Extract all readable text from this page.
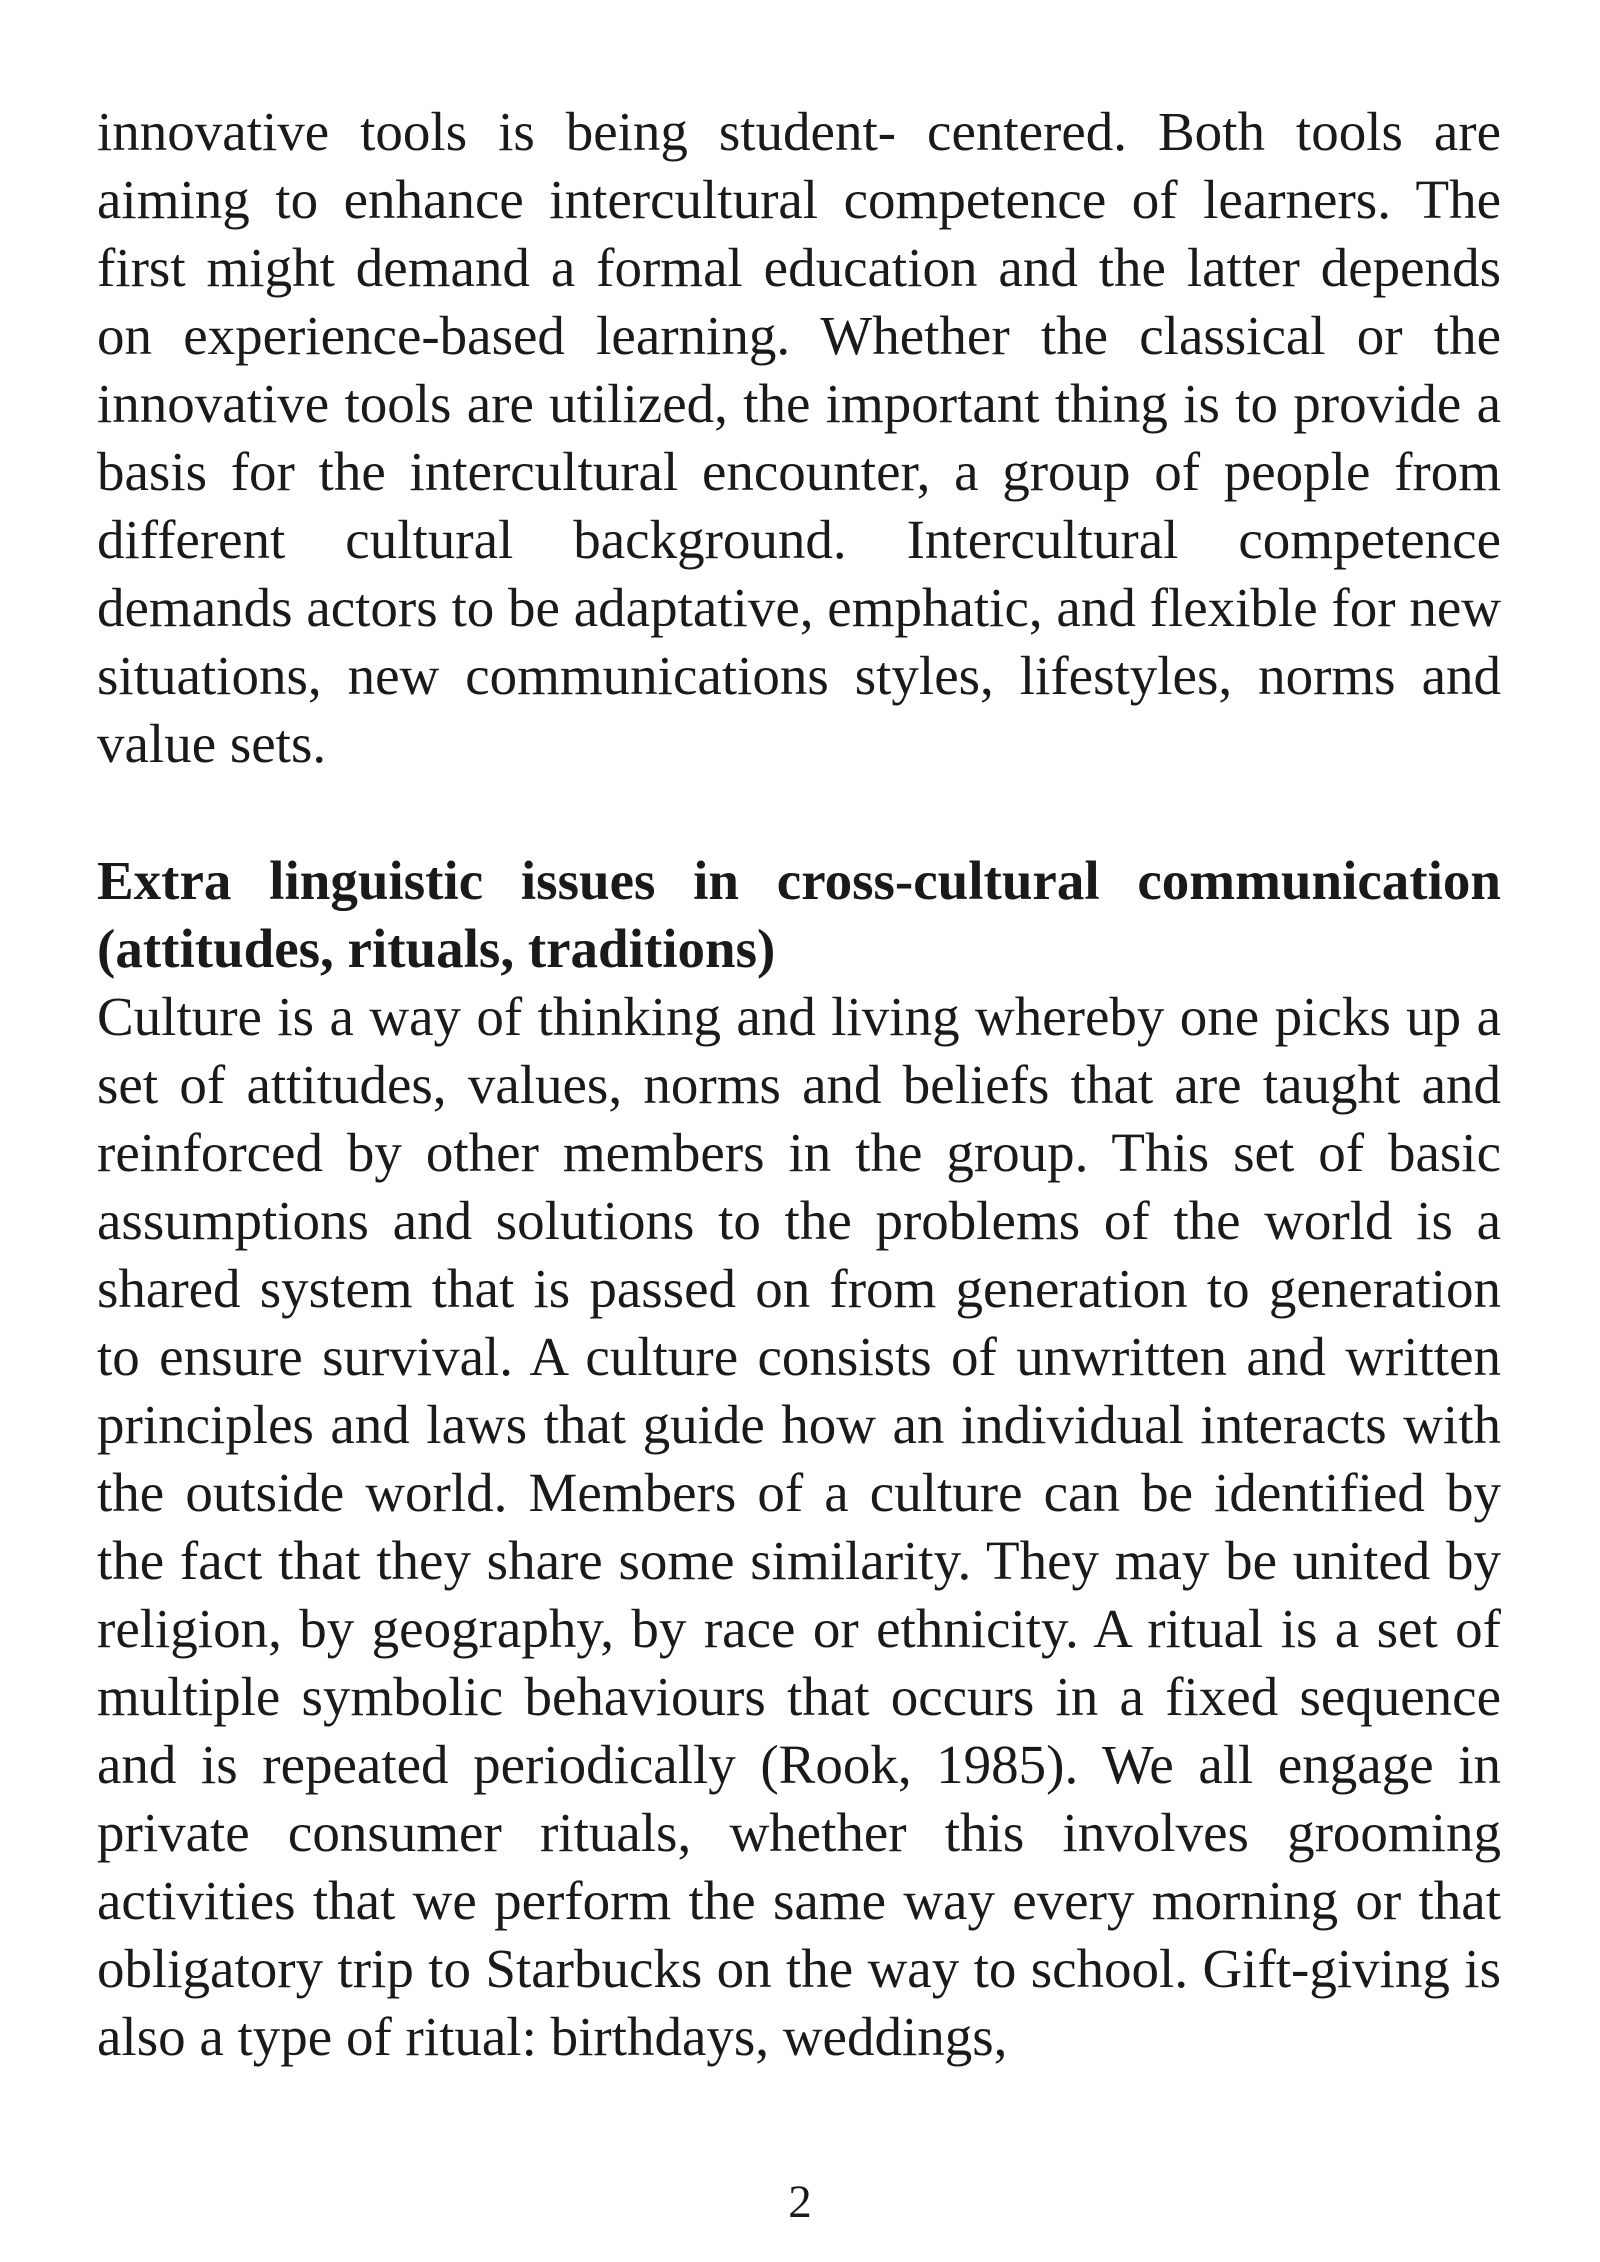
innovative tools is being student- centered. Both tools are aiming to enhance intercultural competence of learners. The first might demand a formal education and the latter depends on experience-based learning. Whether the classical or the innovative tools are utilized, the important thing is to provide a basis for the intercultural encounter, a group of people from different cultural background. Intercultural competence demands actors to be adaptative, emphatic, and flexible for new situations, new communications styles, lifestyles, norms and value sets.

Extra linguistic issues in cross-cultural communication (attitudes, rituals, traditions)

Culture is a way of thinking and living whereby one picks up a set of attitudes, values, norms and beliefs that are taught and reinforced by other members in the group. This set of basic assumptions and solutions to the problems of the world is a shared system that is passed on from generation to generation to ensure survival. A culture consists of unwritten and written principles and laws that guide how an individual interacts with the outside world. Members of a culture can be identified by the fact that they share some similarity. They may be united by religion, by geography, by race or ethnicity. A ritual is a set of multiple symbolic behaviours that occurs in a fixed sequence and is repeated periodically (Rook, 1985). We all engage in private consumer rituals, whether this involves grooming activities that we perform the same way every morning or that obligatory trip to Starbucks on the way to school. Gift-giving is also a type of ritual: birthdays, weddings,

2
